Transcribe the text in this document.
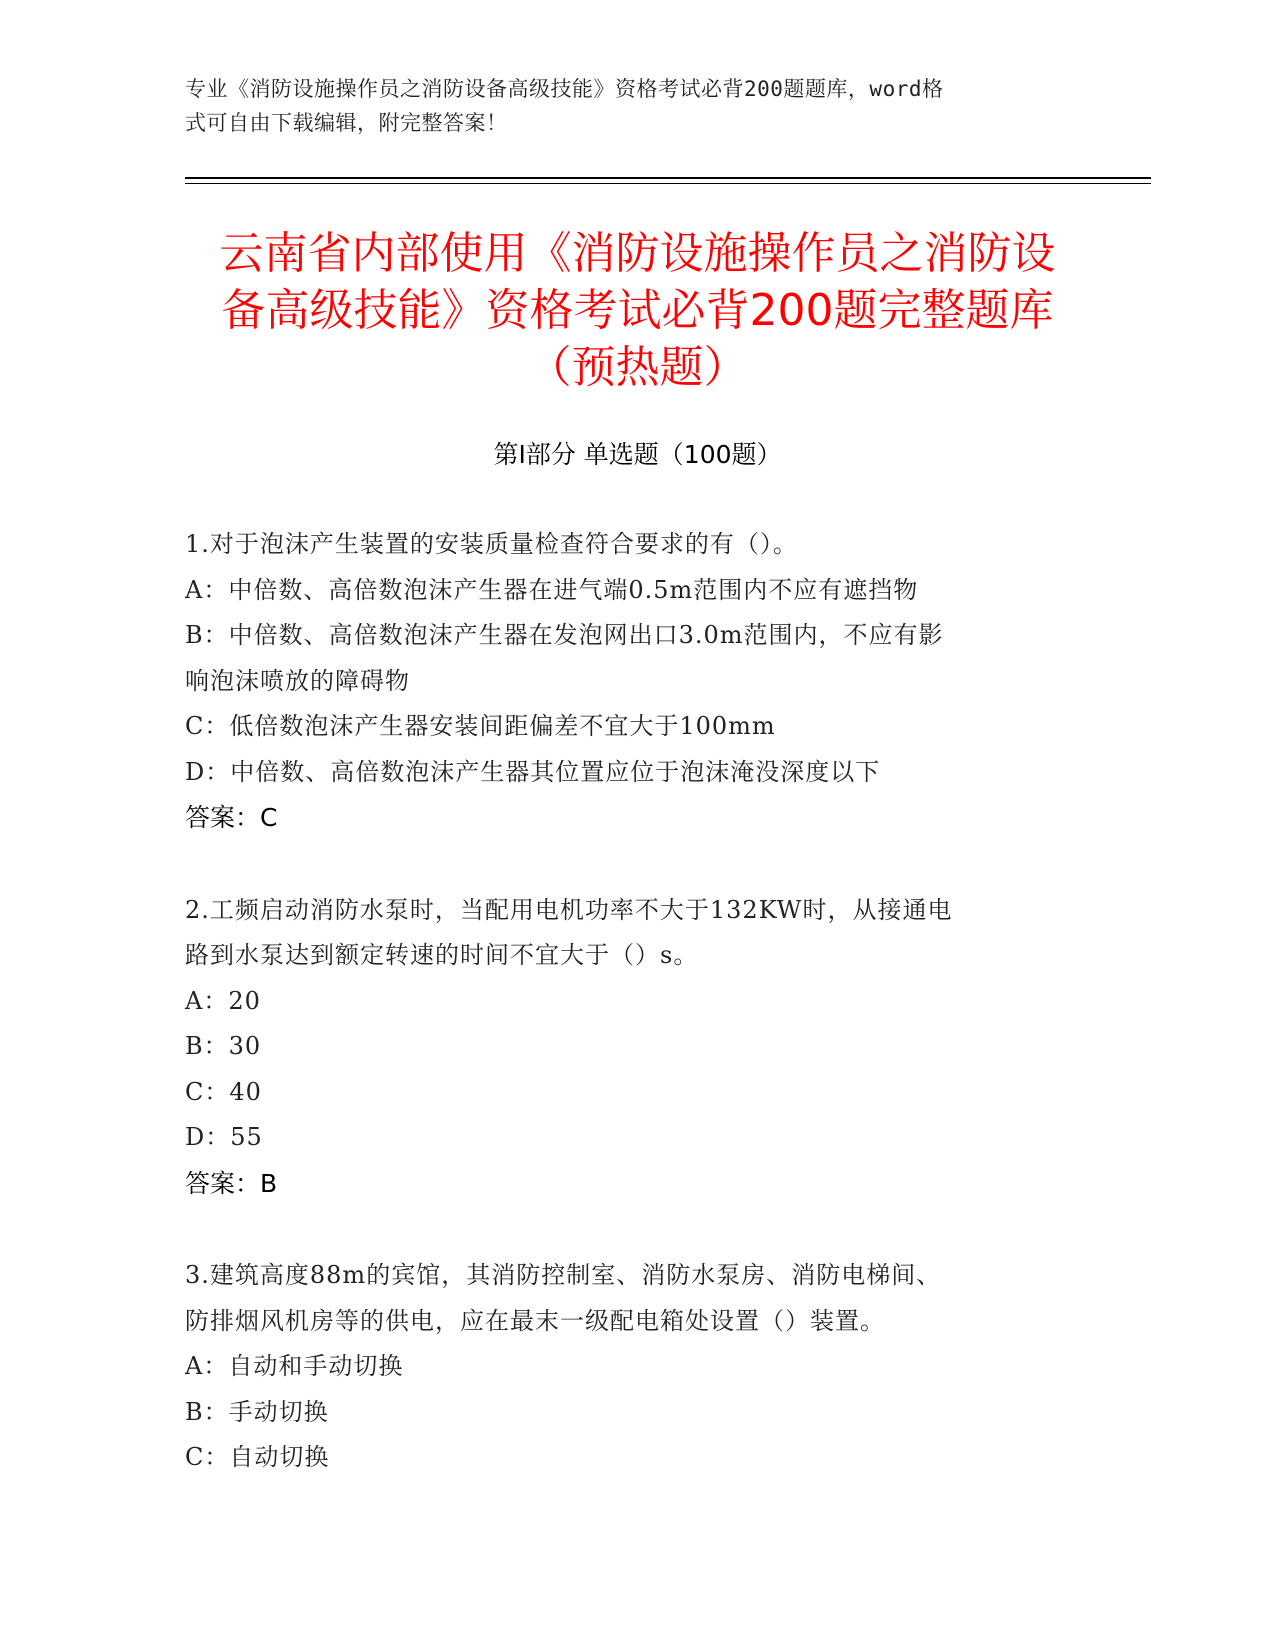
专业《消防设施操作员之消防设备高级技能》资格考试必背200题题库，word格
式可自由下载编辑，附完整答案！
云南省内部使用《消防设施操作员之消防设
备高级技能》资格考试必背200题完整题库
（预热题）
第Ⅰ部分 单选题（100题）
1.对于泡沫产生装置的安装质量检查符合要求的有（）。
A：中倍数、高倍数泡沫产生器在进气端0.5m范围内不应有遮挡物
B：中倍数、高倍数泡沫产生器在发泡网出口3.0m范围内，不应有影
响泡沫喷放的障碍物
C：低倍数泡沫产生器安装间距偏差不宜大于100mm
D：中倍数、高倍数泡沫产生器其位置应位于泡沫淹没深度以下
答案：C
2.工频启动消防水泵时，当配用电机功率不大于132KW时，从接通电
路到水泵达到额定转速的时间不宜大于（）s。
A：20
B：30
C：40
D：55
答案：B
3.建筑高度88m的宾馆，其消防控制室、消防水泵房、消防电梯间、
防排烟风机房等的供电，应在最末一级配电箱处设置（）装置。
A：自动和手动切换
B：手动切换
C：自动切换
